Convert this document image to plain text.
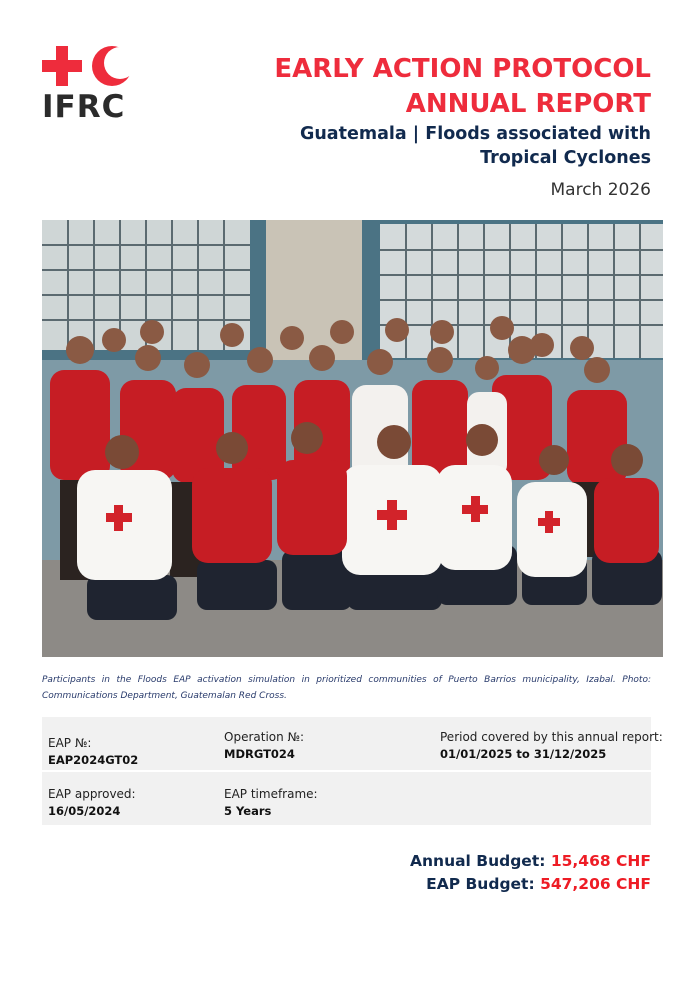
IFRC
EARLY ACTION PROTOCOL
ANNUAL REPORT
Guatemala | Floods associated with
Tropical Cyclones
March 2026
Participants in the Floods EAP activation simulation in prioritized communities of Puerto Barrios municipality, Izabal. Photo: Communications Department, Guatemalan Red Cross.
EAP №:
EAP2024GT02
Operation №:
MDRGT024
Period covered by this annual report:
01/01/2025 to 31/12/2025
EAP approved:
16/05/2024
EAP timeframe:
5 Years
Annual Budget: 15,468 CHF
EAP Budget: 547,206 CHF
